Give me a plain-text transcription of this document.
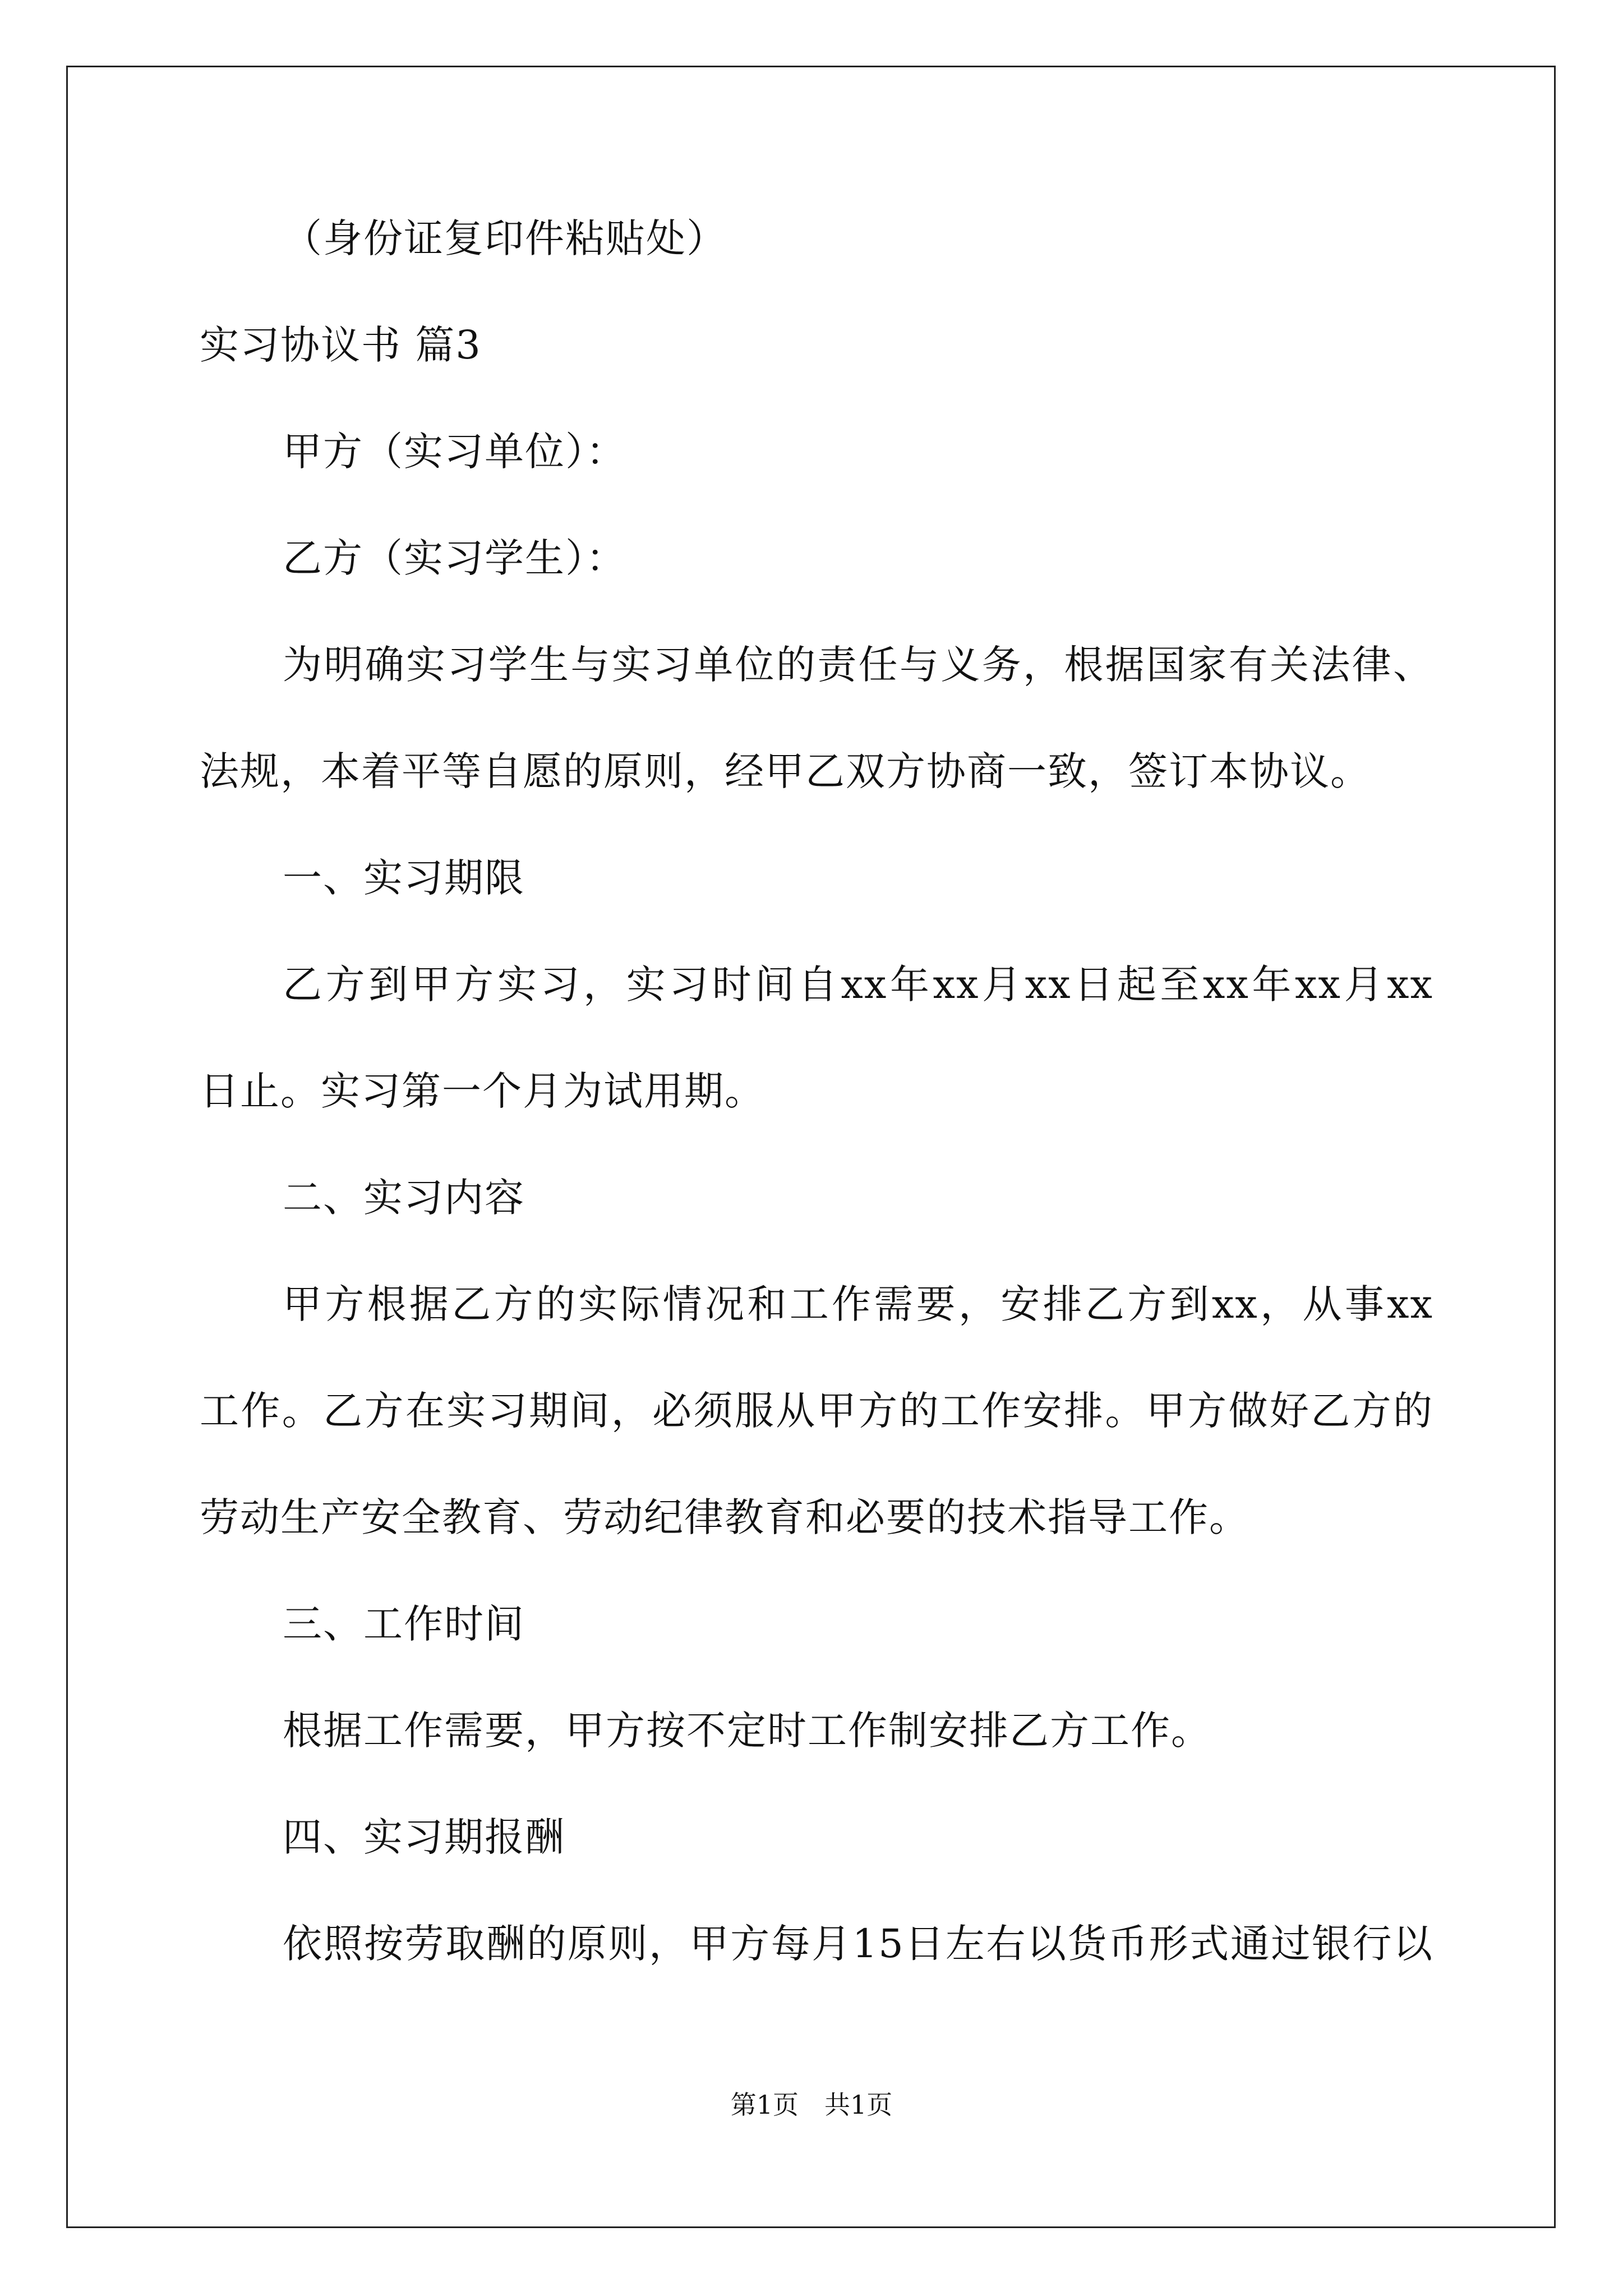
（身份证复印件粘贴处）
实习协议书 篇3
甲方（实习单位）：
乙方（实习学生）：
为明确实习学生与实习单位的责任与义务，根据国家有关法律、
法规，本着平等自愿的原则，经甲乙双方协商一致，签订本协议。
一、实习期限
乙方到甲方实习，实习时间自xx年xx月xx日起至xx年xx月xx
日止。实习第一个月为试用期。
二、实习内容
甲方根据乙方的实际情况和工作需要，安排乙方到xx，从事xx
工作。乙方在实习期间，必须服从甲方的工作安排。甲方做好乙方的
劳动生产安全教育、劳动纪律教育和必要的技术指导工作。
三、工作时间
根据工作需要，甲方按不定时工作制安排乙方工作。
四、实习期报酬
依照按劳取酬的原则，甲方每月15日左右以货币形式通过银行以
第1页　共1页
